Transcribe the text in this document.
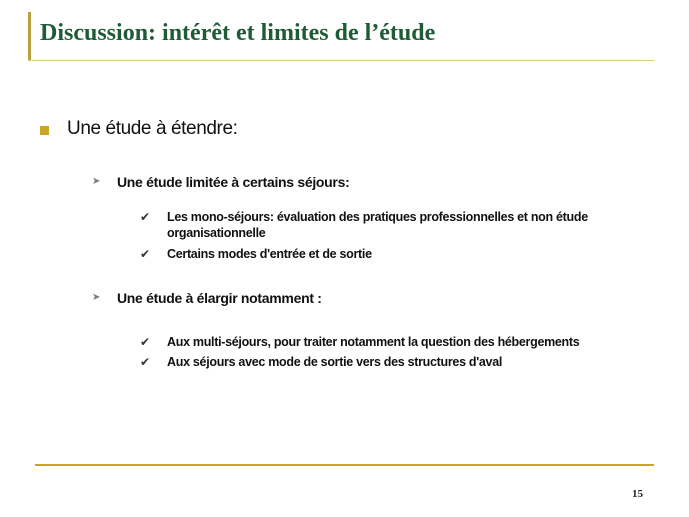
Discussion: intérêt et limites de l’étude
Une étude à étendre:
➤ Une étude limitée à certains séjours:
✔ Les mono-séjours: évaluation des pratiques professionnelles et non étude organisationnelle
✔ Certains modes d'entrée et de sortie
➤ Une étude à élargir notamment :
✔ Aux multi-séjours, pour traiter notamment la question des hébergements
✔ Aux séjours avec mode de sortie vers des structures d'aval
15
